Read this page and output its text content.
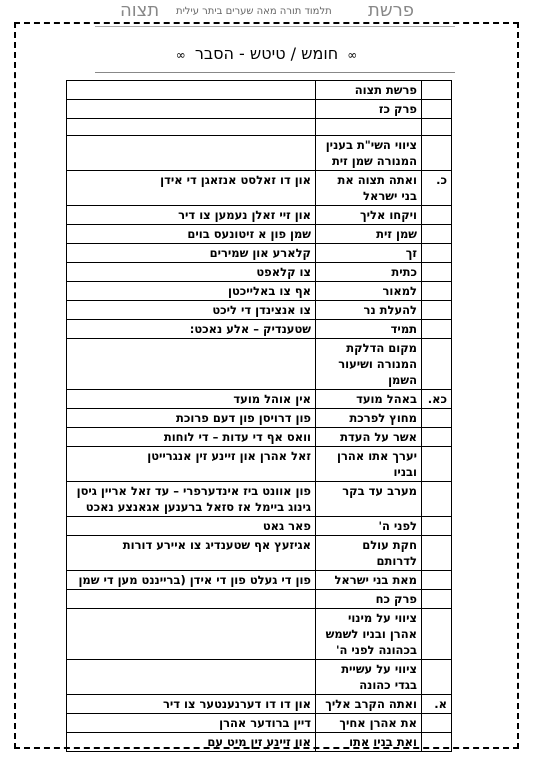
פרשת
תלמוד תורה מאה שערים ביתר עילית
תצוה
∞ חומש / טיטש - הסבר ∞
	פרשת תצוה	
	פרק כז	

	ציווי השי"ת בענין המנורה שמן זית	
כ.	ואתה תצוה את בני ישראל	און דו זאלסט אנזאגן די אידן
	ויקחו אליך	און זיי זאלן נעמען צו דיר
	שמן זית	שמן פון א זיטונעס בוים
	זך	קלארע און שמירים
	כתית	צו קלאפט
	למאור	אף צו באלייכטן
	להעלת נר	צו אנצינדן די ליכט
	תמיד	שטענדיק – אלע נאכט:
	מקום הדלקת המנורה ושיעור השמן	
כא.	באהל מועד	אין אוהל מועד
	מחוץ לפרכת	פון דרויסן פון דעם פרוכת
	אשר על העדת	וואס אף די עדות – די לוחות
	יערך אתו אהרן ובניו	זאל אהרן און זיינע זין אנגרייטן
	מערב עד בקר	פון אוונט ביז אינדערפרי – עד זאל אריין גיסן גינוג ביימל אז סזאל ברענען אגאנצע נאכט
	לפני ה'	פאר גאט
	חקת עולם לדרותם	אגיזעץ אף שטענדיג צו איירע דורות
	מאת בני ישראל	פון די געלט פון די אידן (ברייננט מען די שמן
	פרק כח	
	ציווי על מינוי אהרן ובניו לשמש בכהונה לפני ה'	
	ציווי על עשיית בגדי כהונה	
א.	ואתה הקרב אליך	און דו דו דערנענטער צו דיר
	את אהרן אחיך	דיין ברודער אהרן
	ואת בניו אתו	און זיינע זין מיט עם
